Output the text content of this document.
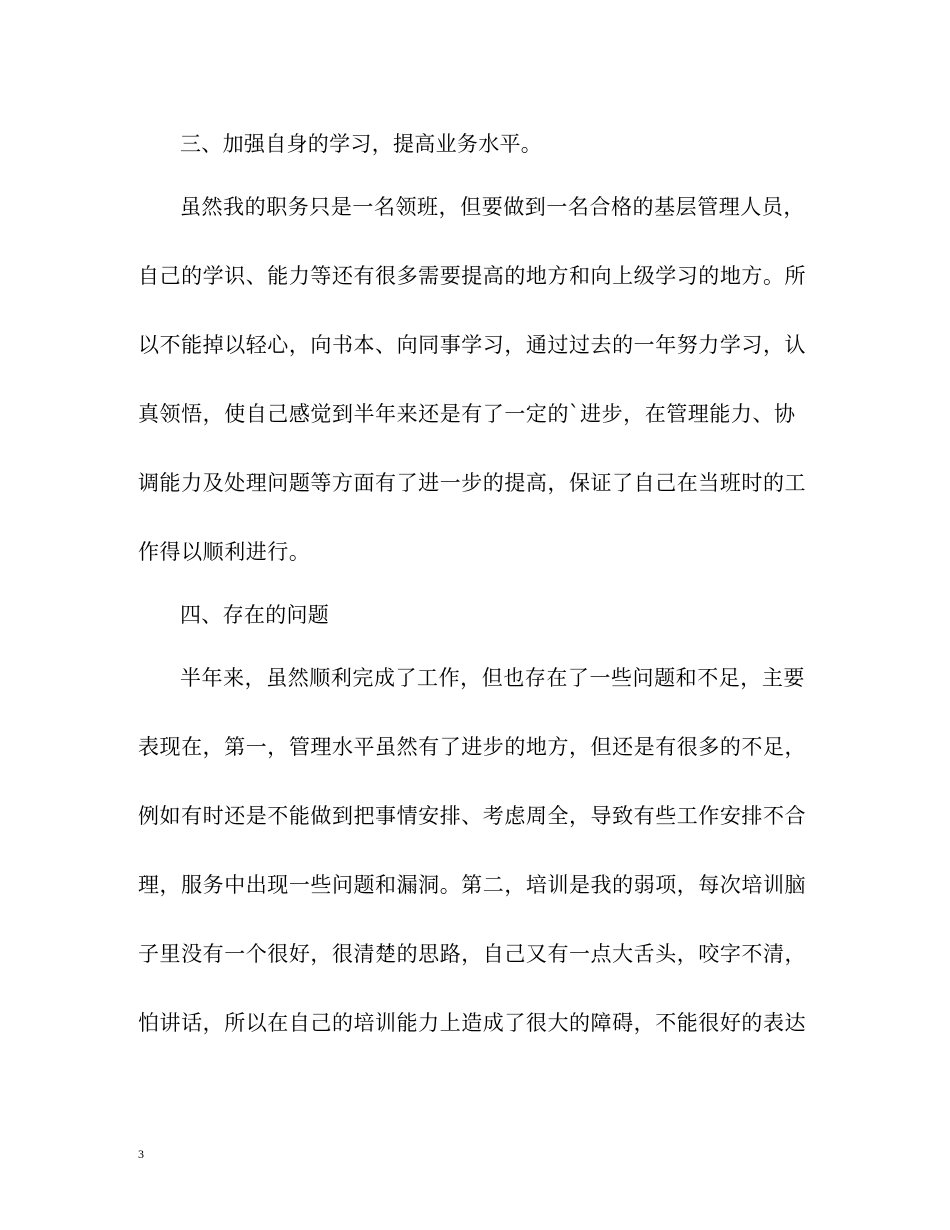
三、加强自身的学习，提高业务水平。
虽然我的职务只是一名领班，但要做到一名合格的基层管理人员，
自己的学识、能力等还有很多需要提高的地方和向上级学习的地方。所
以不能掉以轻心，向书本、向同事学习，通过过去的一年努力学习，认
真领悟，使自己感觉到半年来还是有了一定的`进步，在管理能力、协
调能力及处理问题等方面有了进一步的提高，保证了自己在当班时的工
作得以顺利进行。
四、存在的问题
半年来，虽然顺利完成了工作，但也存在了一些问题和不足，主要
表现在，第一，管理水平虽然有了进步的地方，但还是有很多的不足，
例如有时还是不能做到把事情安排、考虑周全，导致有些工作安排不合
理，服务中出现一些问题和漏洞。第二，培训是我的弱项，每次培训脑
子里没有一个很好，很清楚的思路，自己又有一点大舌头，咬字不清，
怕讲话，所以在自己的培训能力上造成了很大的障碍，不能很好的表达
3
